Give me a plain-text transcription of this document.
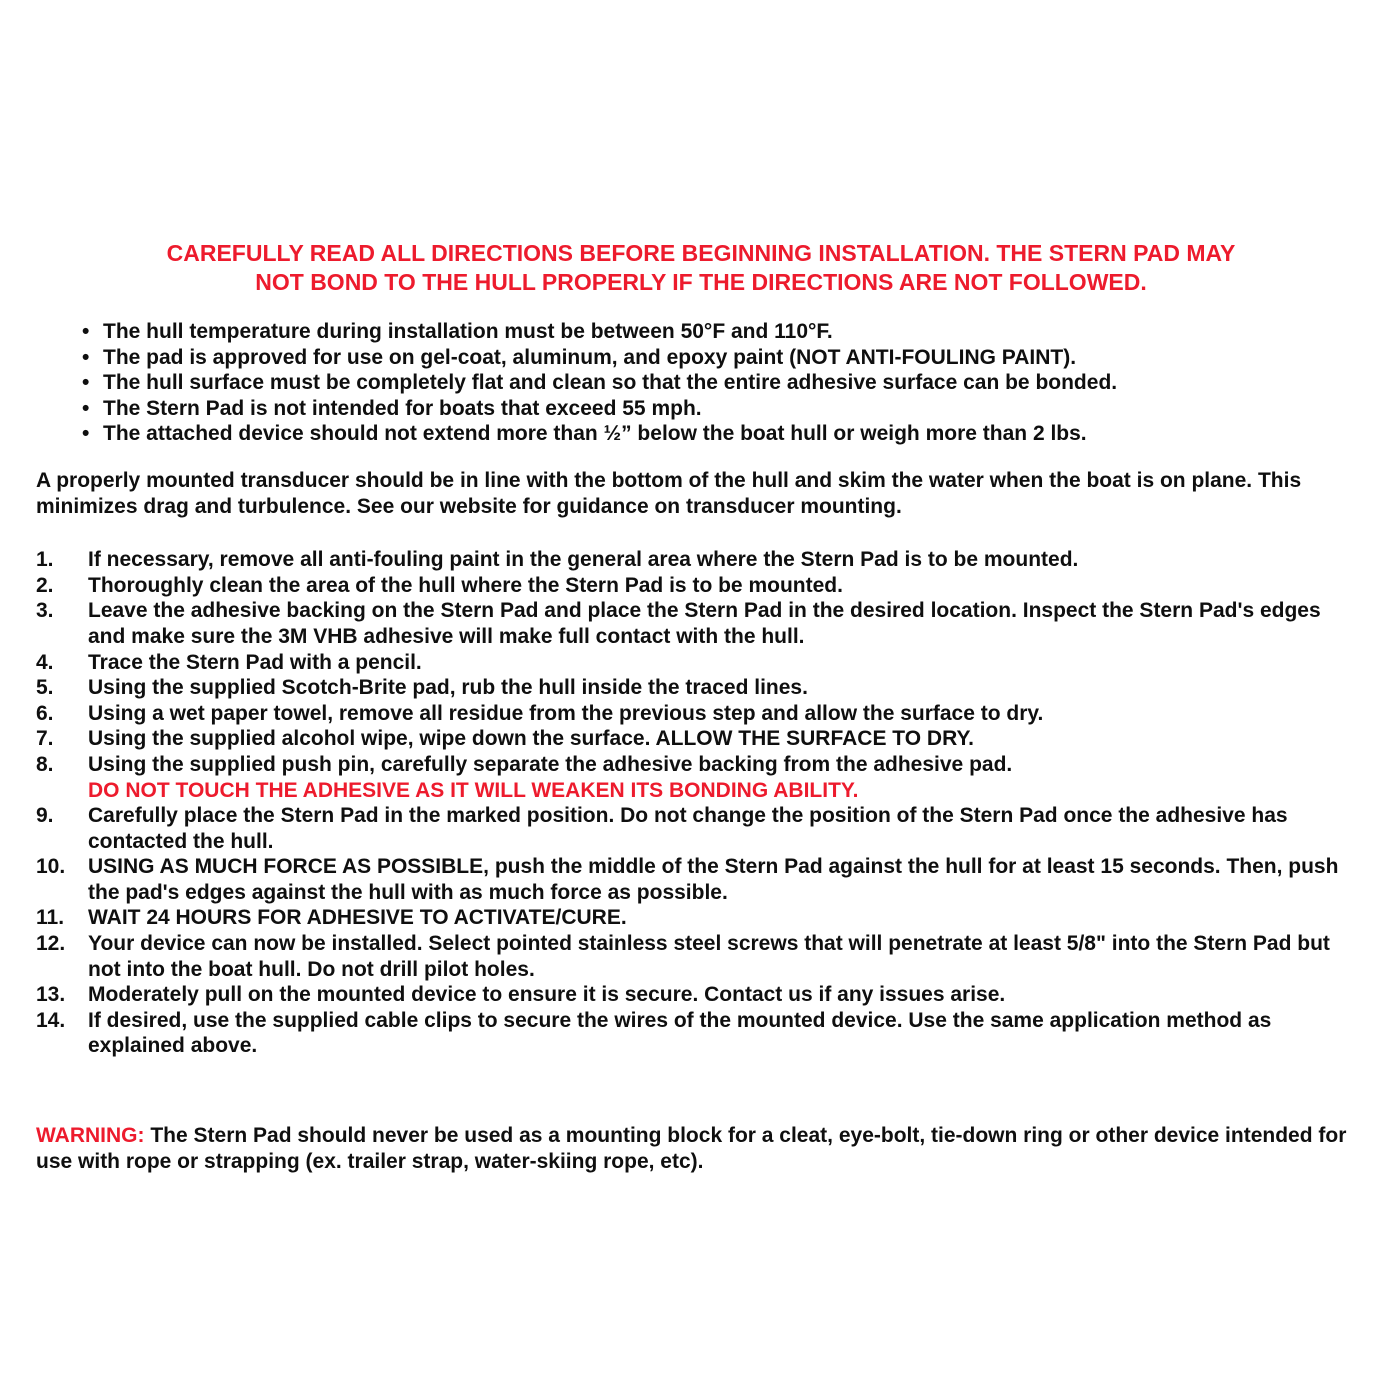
CAREFULLY READ ALL DIRECTIONS BEFORE BEGINNING INSTALLATION. THE STERN PAD MAY
NOT BOND TO THE HULL PROPERLY IF THE DIRECTIONS ARE NOT FOLLOWED.
•
The hull temperature during installation must be between 50°F and 110°F.
•
The pad is approved for use on gel-coat, aluminum, and epoxy paint (NOT ANTI-FOULING PAINT).
•
The hull surface must be completely flat and clean so that the entire adhesive surface can be bonded.
•
The Stern Pad is not intended for boats that exceed 55 mph.
•
The attached device should not extend more than ½” below the boat hull or weigh more than 2 lbs.

A properly mounted transducer should be in line with the bottom of the hull and skim the water when the boat is on plane. This minimizes drag and turbulence. See our website for guidance on transducer mounting.

1.	If necessary, remove all anti-fouling paint in the general area where the Stern Pad is to be mounted.
2.	Thoroughly clean the area of the hull where the Stern Pad is to be mounted.
3.	Leave the adhesive backing on the Stern Pad and place the Stern Pad in the desired location. Inspect the Stern Pad's edges and make sure the 3M VHB adhesive will make full contact with the hull.
4.	Trace the Stern Pad with a pencil.
5.	Using the supplied Scotch-Brite pad, rub the hull inside the traced lines.
6.	Using a wet paper towel, remove all residue from the previous step and allow the surface to dry.
7.	Using the supplied alcohol wipe, wipe down the surface. ALLOW THE SURFACE TO DRY.
8.	Using the supplied push pin, carefully separate the adhesive backing from the adhesive pad.
DO NOT TOUCH THE ADHESIVE AS IT WILL WEAKEN ITS BONDING ABILITY.
9.	Carefully place the Stern Pad in the marked position. Do not change the position of the Stern Pad once the adhesive has contacted the hull.
10.	USING AS MUCH FORCE AS POSSIBLE, push the middle of the Stern Pad against the hull for at least 15 seconds. Then, push the pad's edges against the hull with as much force as possible.
11.	WAIT 24 HOURS FOR ADHESIVE TO ACTIVATE/CURE.
12.	Your device can now be installed. Select pointed stainless steel screws that will penetrate at least 5/8" into the Stern Pad but not into the boat hull. Do not drill pilot holes.
13.	Moderately pull on the mounted device to ensure it is secure. Contact us if any issues arise.
14.	If desired, use the supplied cable clips to secure the wires of the mounted device. Use the same application method as explained above.

WARNING: The Stern Pad should never be used as a mounting block for a cleat, eye-bolt, tie-down ring or other device intended for use with rope or strapping (ex. trailer strap, water-skiing rope, etc).
